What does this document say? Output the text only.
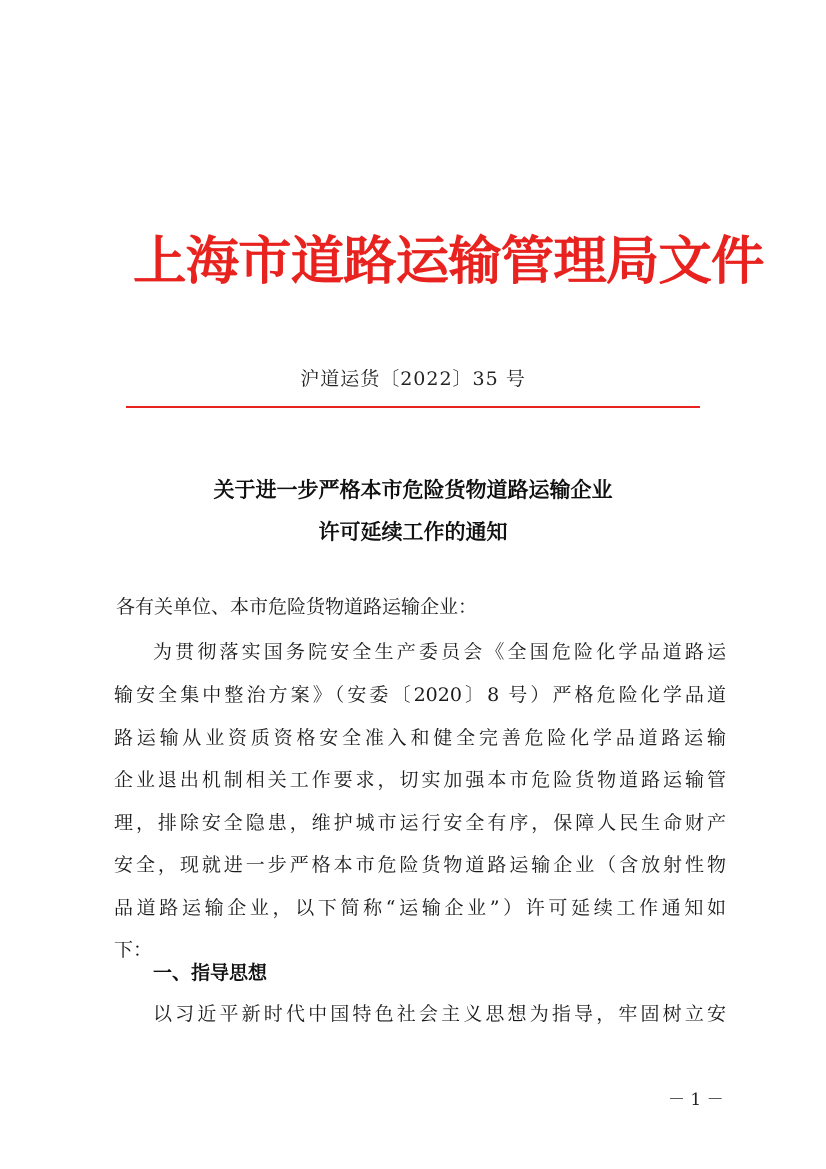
上海市道路运输管理局文件
沪道运货〔2022〕35 号
关于进一步严格本市危险货物道路运输企业
许可延续工作的通知
各有关单位、本市危险货物道路运输企业：
为贯彻落实国务院安全生产委员会《全国危险化学品道路运
输安全集中整治方案》（安委〔2020〕8 号）严格危险化学品道
路运输从业资质资格安全准入和健全完善危险化学品道路运输
企业退出机制相关工作要求，切实加强本市危险货物道路运输管
理，排除安全隐患，维护城市运行安全有序，保障人民生命财产
安全，现就进一步严格本市危险货物道路运输企业（含放射性物
品道路运输企业，以下简称“运输企业”）许可延续工作通知如
下：
一、指导思想
以习近平新时代中国特色社会主义思想为指导，牢固树立安
－ 1 －
